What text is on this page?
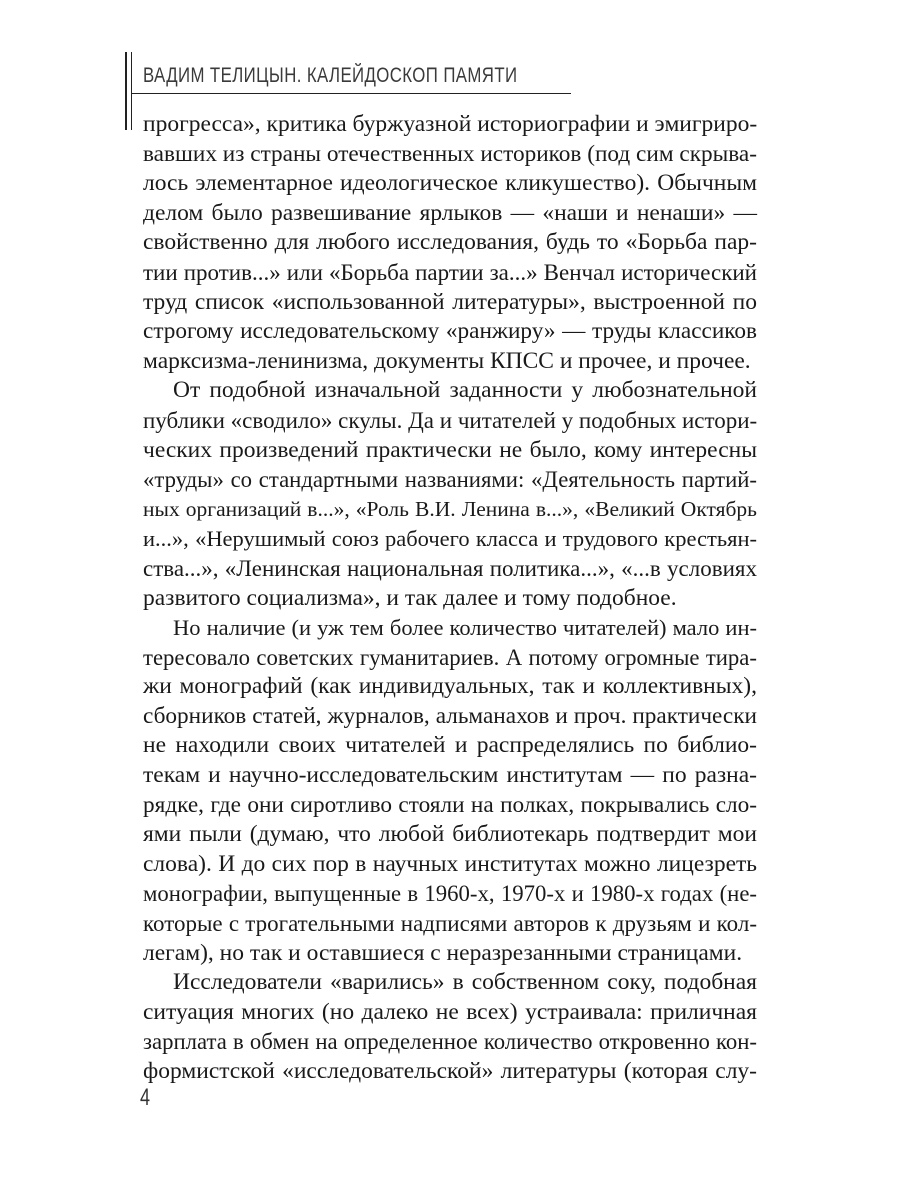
ВАДИМ ТЕЛИЦЫН. КАЛЕЙДОСКОП ПАМЯТИ
прогресса», критика буржуазной историографии и эмигриро-
вавших из страны отечественных историков (под сим скрыва-
лось элементарное идеологическое кликушество). Обычным
делом было развешивание ярлыков — «наши и ненаши» —
свойственно для любого исследования, будь то «Борьба пар-
тии против...» или «Борьба партии за...» Венчал исторический
труд список «использованной литературы», выстроенной по
строгому исследовательскому «ранжиру» — труды классиков
марксизма-ленинизма, документы КПСС и прочее, и прочее.
От подобной изначальной заданности у любознательной
публики «сводило» скулы. Да и читателей у подобных истори-
ческих произведений практически не было, кому интересны
«труды» со стандартными названиями: «Деятельность партий-
ных организаций в...», «Роль В.И. Ленина в...», «Великий Октябрь
и...», «Нерушимый союз рабочего класса и трудового крестьян-
ства...», «Ленинская национальная политика...», «...в условиях
развитого социализма», и так далее и тому подобное.
Но наличие (и уж тем более количество читателей) мало ин-
тересовало советских гуманитариев. А потому огромные тира-
жи монографий (как индивидуальных, так и коллективных),
сборников статей, журналов, альманахов и проч. практически
не находили своих читателей и распределялись по библио-
текам и научно-исследовательским институтам — по разна-
рядке, где они сиротливо стояли на полках, покрывались сло-
ями пыли (думаю, что любой библиотекарь подтвердит мои
слова). И до сих пор в научных институтах можно лицезреть
монографии, выпущенные в 1960-х, 1970-х и 1980-х годах (не-
которые с трогательными надписями авторов к друзьям и кол-
легам), но так и оставшиеся с неразрезанными страницами.
Исследователи «варились» в собственном соку, подобная
ситуация многих (но далеко не всех) устраивала: приличная
зарплата в обмен на определенное количество откровенно кон-
формистской «исследовательской» литературы (которая слу-
4
